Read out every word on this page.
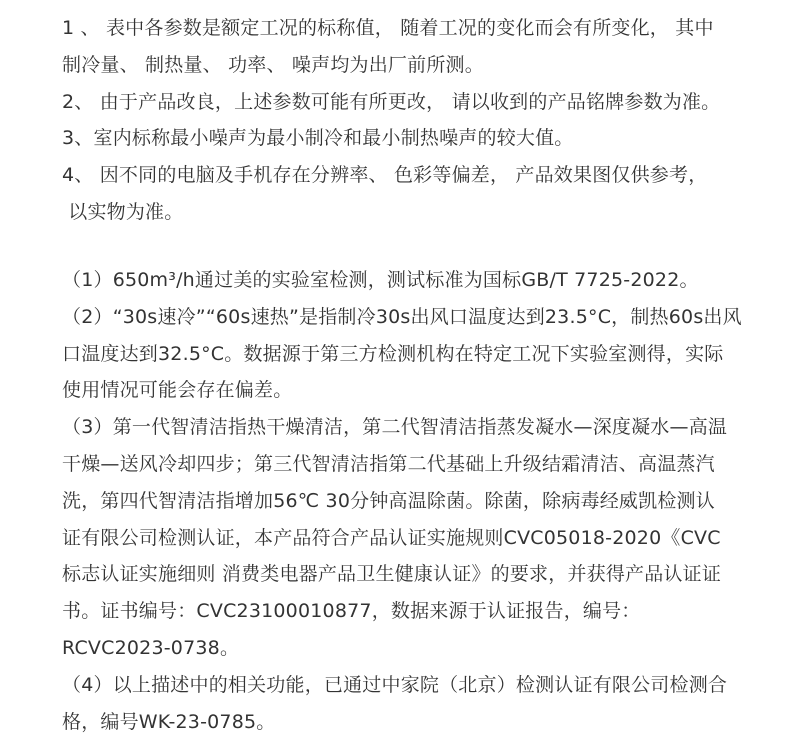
1 、 表中各参数是额定工况的标称值， 随着工况的变化而会有所变化， 其中
制冷量、 制热量、 功率、 噪声均为出厂前所测。
2、 由于产品改良，上述参数可能有所更改， 请以收到的产品铭牌参数为准。
3、室内标称最小噪声为最小制冷和最小制热噪声的较大值。
4、 因不同的电脑及手机存在分辨率、 色彩等偏差， 产品效果图仅供参考，
以实物为准。
（1）650m³/h通过美的实验室检测，测试标准为国标GB/T 7725-2022。
（2）“30s速冷”“60s速热”是指制冷30s出风口温度达到23.5°C，制热60s出风
口温度达到32.5°C。数据源于第三方检测机构在特定工况下实验室测得，实际
使用情况可能会存在偏差。
（3）第一代智清洁指热干燥清洁，第二代智清洁指蒸发凝水—深度凝水—高温
干燥—送风冷却四步；第三代智清洁指第二代基础上升级结霜清洁、高温蒸汽
洗，第四代智清洁指增加56℃ 30分钟高温除菌。除菌，除病毒经威凯检测认
证有限公司检测认证，本产品符合产品认证实施规则CVC05018-2020《CVC
标志认证实施细则 消费类电器产品卫生健康认证》的要求，并获得产品认证证
书。证书编号：CVC23100010877，数据来源于认证报告，编号：
RCVC2023-0738。
（4）以上描述中的相关功能，已通过中家院（北京）检测认证有限公司检测合
格，编号WK-23-0785。
